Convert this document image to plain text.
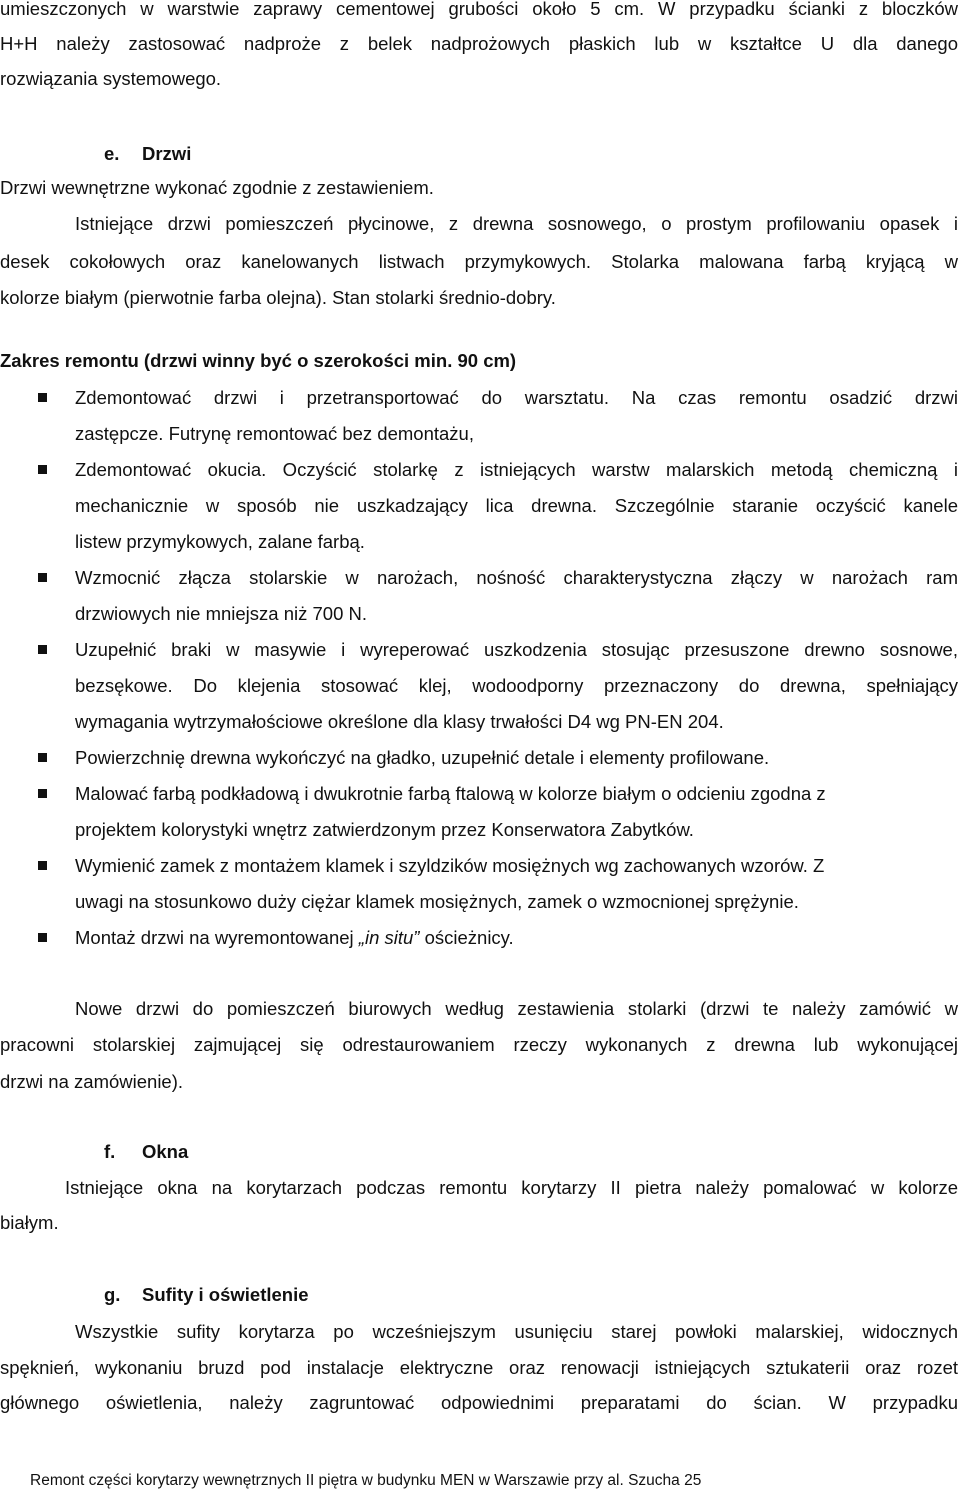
umieszczonych w warstwie zaprawy cementowej grubości około 5 cm. W przypadku ścianki z bloczków
H+H należy zastosować nadproże z belek nadprożowych płaskich lub w kształtce U dla danego
rozwiązania systemowego.
e. Drzwi
Drzwi wewnętrzne wykonać zgodnie z zestawieniem.
Istniejące drzwi pomieszczeń płycinowe, z drewna sosnowego, o prostym profilowaniu opasek i
desek cokołowych oraz kanelowanych listwach przymykowych. Stolarka malowana farbą kryjącą w
kolorze białym (pierwotnie farba olejna). Stan stolarki średnio-dobry.
Zakres remontu (drzwi winny być o szerokości min. 90 cm)
Zdemontować drzwi i przetransportować do warsztatu. Na czas remontu osadzić drzwi
zastępcze. Futrynę remontować bez demontażu,
Zdemontować okucia. Oczyścić stolarkę z istniejących warstw malarskich metodą chemiczną i
mechanicznie w sposób nie uszkadzający lica drewna. Szczególnie staranie oczyścić kanele
listew przymykowych, zalane farbą.
Wzmocnić złącza stolarskie w narożach, nośność charakterystyczna złączy w narożach ram
drzwiowych nie mniejsza niż 700 N.
Uzupełnić braki w masywie i wyreperować uszkodzenia stosując przesuszone drewno sosnowe,
bezsękowe. Do klejenia stosować klej, wodoodporny przeznaczony do drewna, spełniający
wymagania wytrzymałościowe określone dla klasy trwałości D4 wg PN-EN 204.
Powierzchnię drewna wykończyć na gładko, uzupełnić detale i elementy profilowane.
Malować farbą podkładową i dwukrotnie farbą ftalową w kolorze białym o odcieniu zgodna z
projektem kolorystyki wnętrz zatwierdzonym przez Konserwatora Zabytków.
Wymienić zamek z montażem klamek i szyldzików mosiężnych wg zachowanych wzorów. Z
uwagi na stosunkowo duży ciężar klamek mosiężnych, zamek o wzmocnionej sprężynie.
Montaż drzwi na wyremontowanej „in situ” ościeżnicy.
Nowe drzwi do pomieszczeń biurowych według zestawienia stolarki (drzwi te należy zamówić w
pracowni stolarskiej zajmującej się odrestaurowaniem rzeczy wykonanych z drewna lub wykonującej
drzwi na zamówienie).
f. Okna
Istniejące okna na korytarzach podczas remontu korytarzy II pietra należy pomalować w kolorze
białym.
g. Sufity i oświetlenie
Wszystkie sufity korytarza po wcześniejszym usunięciu starej powłoki malarskiej, widocznych
spęknień, wykonaniu bruzd pod instalacje elektryczne oraz renowacji istniejących sztukaterii oraz rozet
głównego oświetlenia, należy zagruntować odpowiednimi preparatami do ścian. W przypadku
Remont części korytarzy wewnętrznych II piętra w budynku MEN w Warszawie przy al. Szucha 25
